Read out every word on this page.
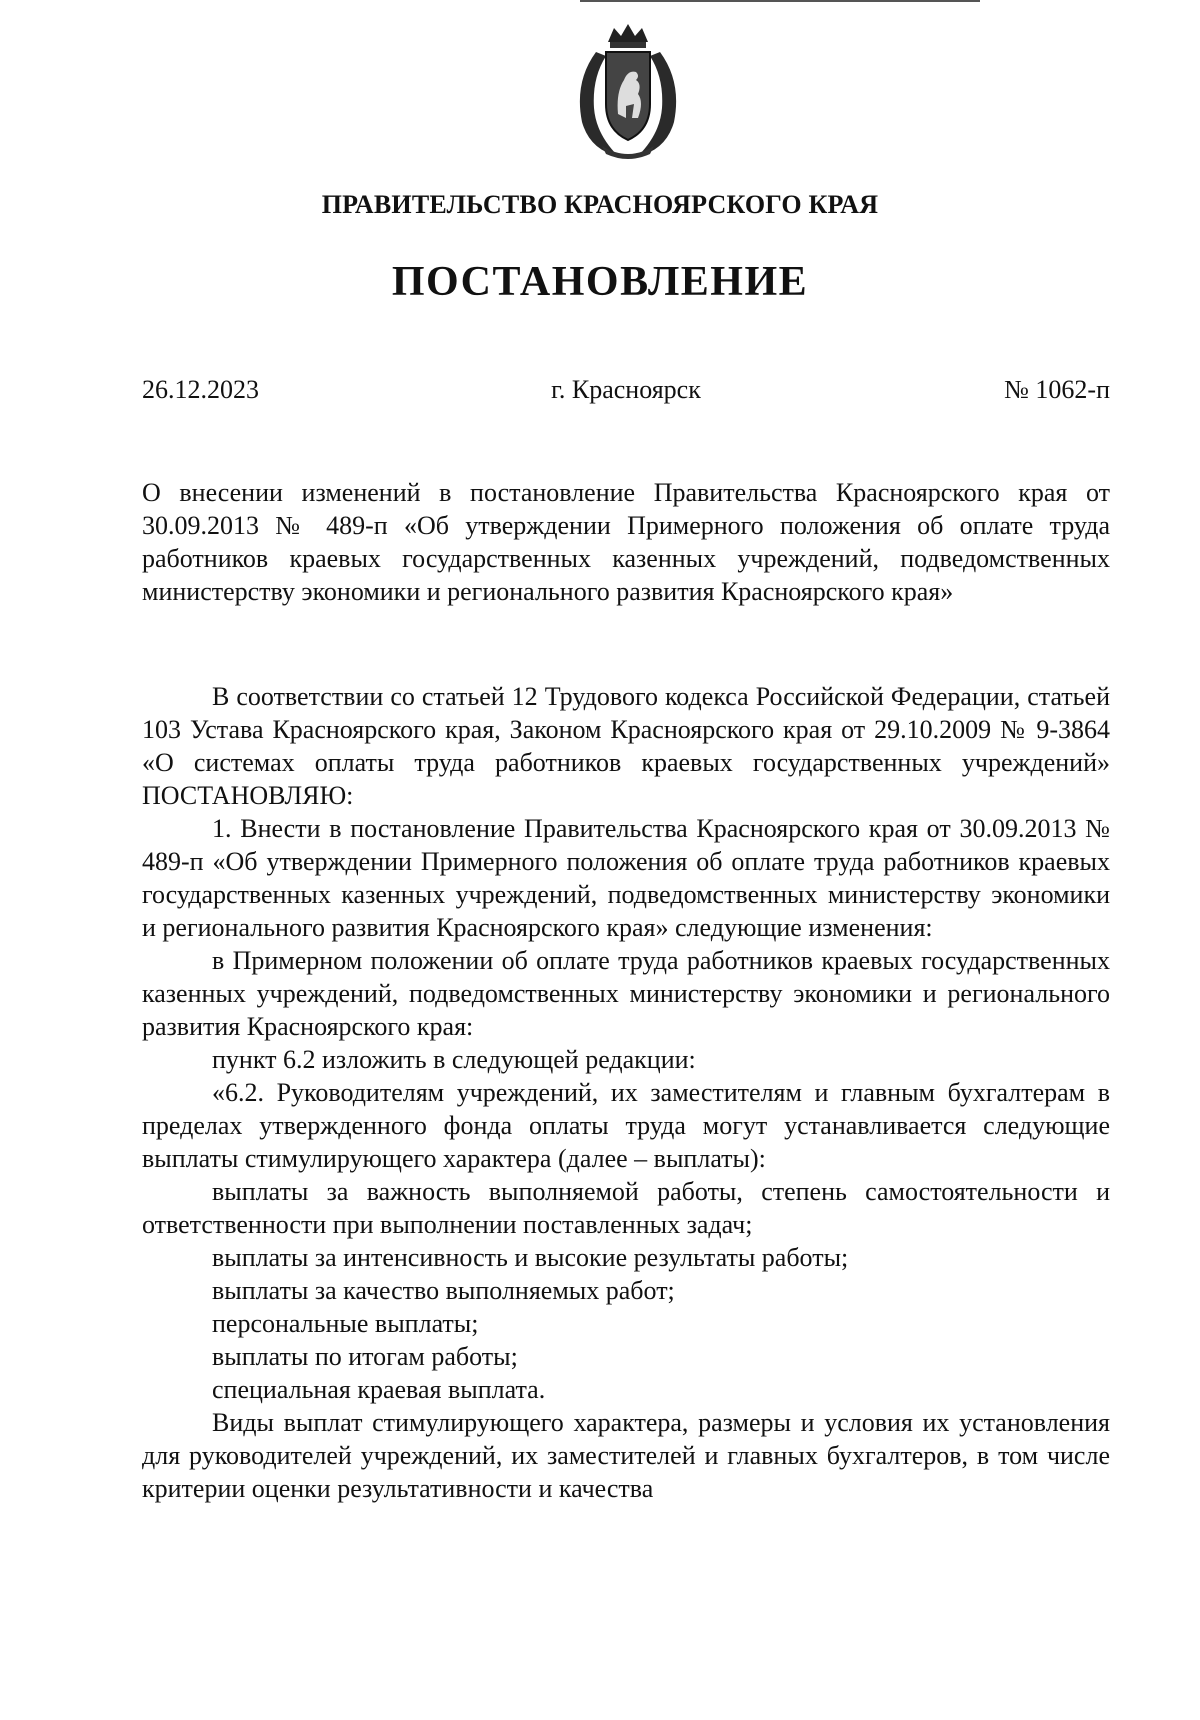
ПРАВИТЕЛЬСТВО КРАСНОЯРСКОГО КРАЯ
ПОСТАНОВЛЕНИЕ
26.12.2023	г. Красноярск	№ 1062-п

О внесении изменений в постановление Правительства Красноярского края от 30.09.2013 № 489-п «Об утверждении Примерного положения об оплате труда работников краевых государственных казенных учреждений, подведомственных министерству экономики и регионального развития Красноярского края»

В соответствии со статьей 12 Трудового кодекса Российской Федерации, статьей 103 Устава Красноярского края, Законом Красноярского края от 29.10.2009 № 9-3864 «О системах оплаты труда работников краевых государственных учреждений» ПОСТАНОВЛЯЮ:

1. Внести в постановление Правительства Красноярского края от 30.09.2013 № 489-п «Об утверждении Примерного положения об оплате труда работников краевых государственных казенных учреждений, подведомственных министерству экономики и регионального развития Красноярского края» следующие изменения:

в Примерном положении об оплате труда работников краевых государственных казенных учреждений, подведомственных министерству экономики и регионального развития Красноярского края:

пункт 6.2 изложить в следующей редакции:

«6.2. Руководителям учреждений, их заместителям и главным бухгалтерам в пределах утвержденного фонда оплаты труда могут устанавливается следующие выплаты стимулирующего характера (далее – выплаты):

выплаты за важность выполняемой работы, степень самостоятельности и ответственности при выполнении поставленных задач;

выплаты за интенсивность и высокие результаты работы;

выплаты за качество выполняемых работ;

персональные выплаты;

выплаты по итогам работы;

специальная краевая выплата.

Виды выплат стимулирующего характера, размеры и условия их установления для руководителей учреждений, их заместителей и главных бухгалтеров, в том числе критерии оценки результативности и качества
